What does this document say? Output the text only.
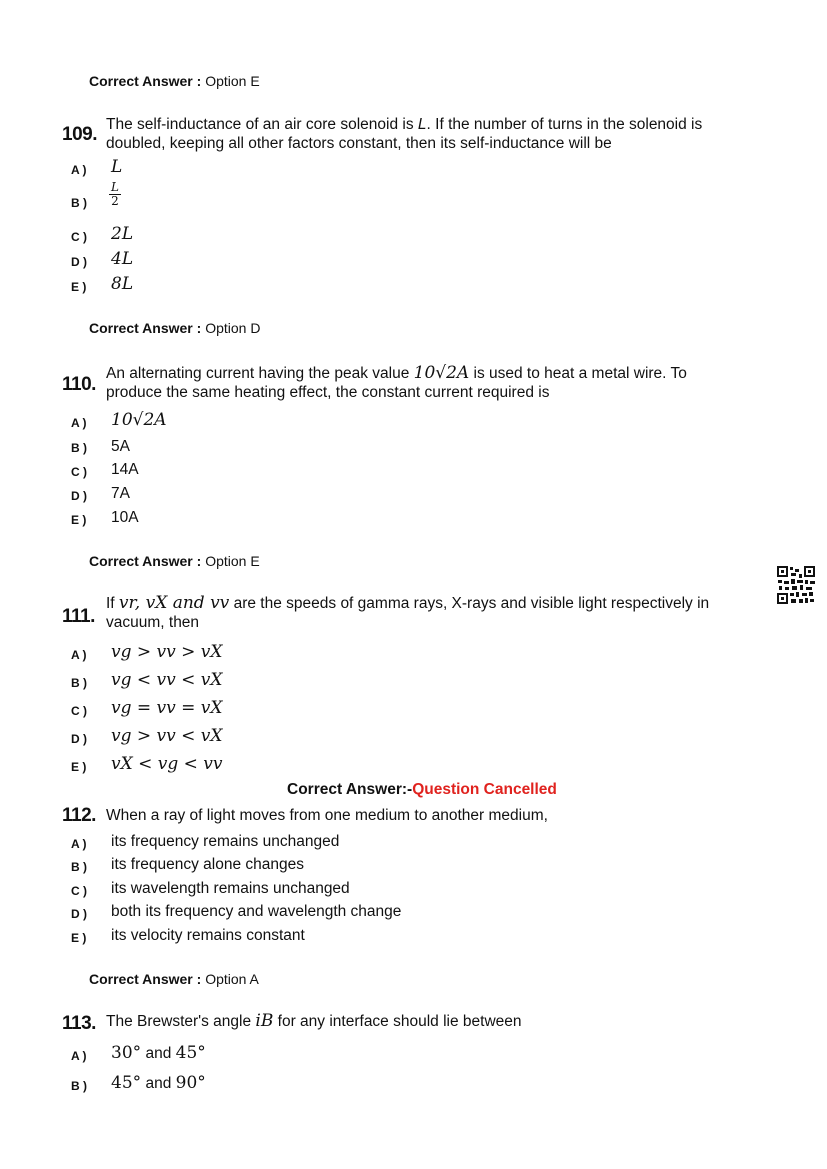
Correct Answer : Option E
109. The self-inductance of an air core solenoid is L. If the number of turns in the solenoid is
doubled, keeping all other factors constant, then its self-inductance will be
A ) L
B ) $\frac{L}{2}$
C ) 2L
D ) 4L
E ) 8L
Correct Answer : Option D
110.
An alternating current having the peak value 10√2A is used to heat a metal wire. To
produce the same heating effect, the constant current required is
A ) 10√2A
B ) 5A
C ) 14A
D ) 7A
E ) 10A
Correct Answer : Option E
111.
If vr, vX and vv are the speeds of gamma rays, X-rays and visible light respectively in
vacuum, then
A ) vg > vv > vX
B ) vg < vv < vX
C ) vg = vv = vX
D ) vg > vv < vX
E ) vX < vg < vv
Correct Answer:-Question Cancelled
112. When a ray of light moves from one medium to another medium,
A ) its frequency remains unchanged
B ) its frequency alone changes
C ) its wavelength remains unchanged
D ) both its frequency and wavelength change
E ) its velocity remains constant
Correct Answer : Option A
113. The Brewster's angle iB for any interface should lie between
A ) 30° and 45°
B ) 45° and 90°
